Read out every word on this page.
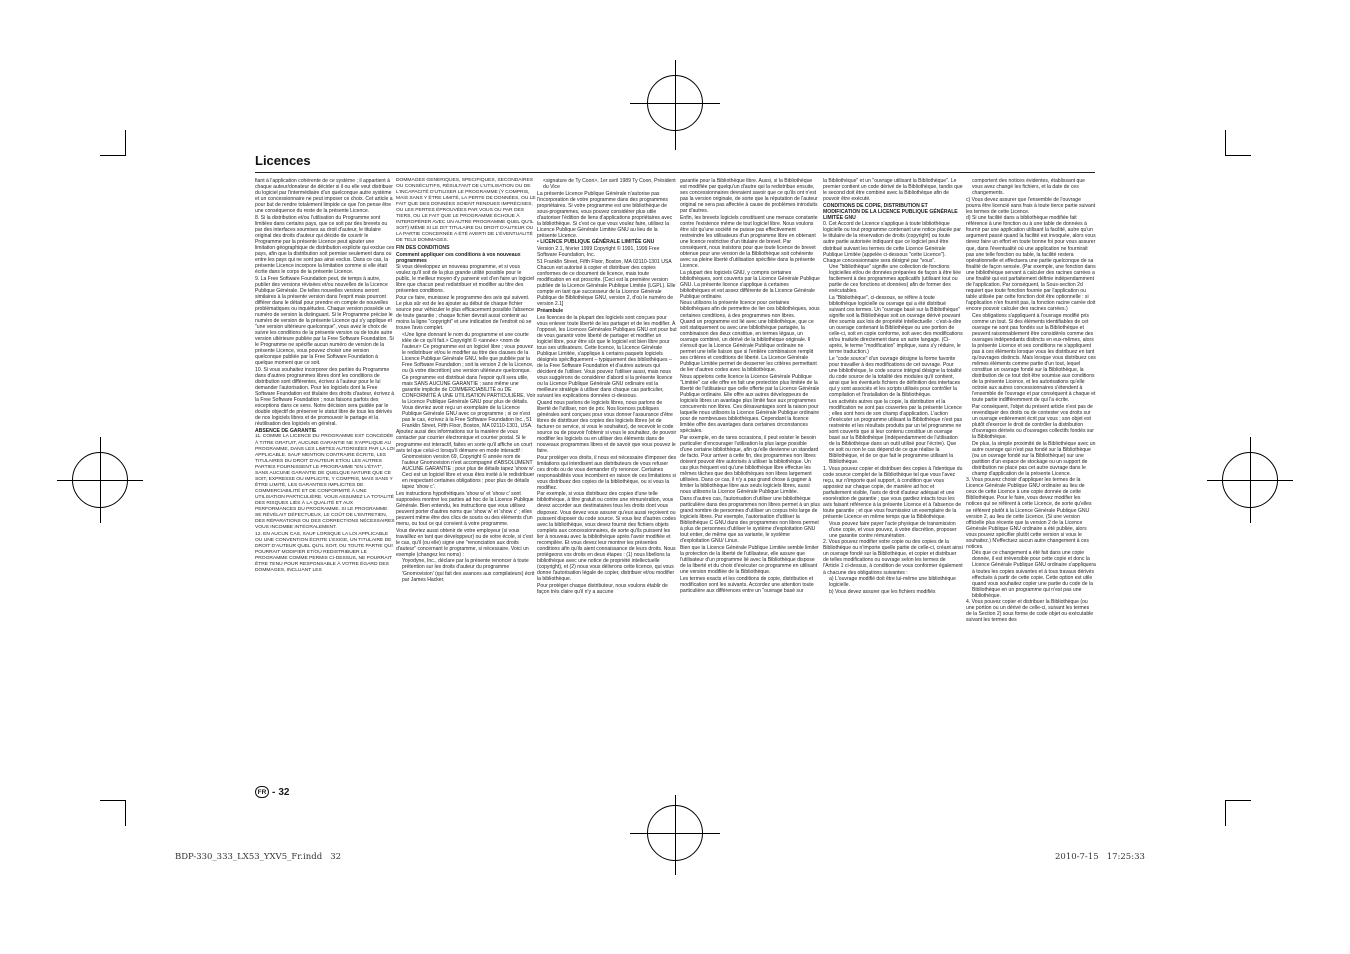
Licences

fiant à l'application cohérente de ce système ; il appartient à chaque auteur/donateur de décider si il ou elle veut distribuer du logiciel par l'intermédiaire d'un quelconque autre système et un concessionnaire ne peut imposer ce choix. Cet article a pour but de rendre totalement limpide ce que l'on pense être une conséquence du reste de la présente Licence.

8. Si la distribution et/ou l'utilisation du Programme sont limitées dans certains pays, que ce soit par des brevets ou par des interfaces soumises au droit d'auteur, le titulaire original des droits d'auteur qui décide de couvrir le Programme par la présente Licence peut ajouter une limitation géographique de distribution explicite qui exclue ces pays, afin que la distribution soit permise seulement dans ou entre les pays qui ne sont pas ainsi exclus. Dans ce cas, la présente Licence incorpore la limitation comme si elle était écrite dans le corps de la présente Licence.

9. La Free Software Foundation peut, de temps à autre, publier des versions révisées et/ou nouvelles de la Licence Publique Générale. De telles nouvelles versions seront similaires à la présente version dans l'esprit mais pourront différer dans le détail pour prendre en compte de nouvelles problématiques ou inquiétudes. Chaque version possède un numéro de version la distinguant. Si le Programme précise le numéro de version de la présente Licence qui s'y applique et "une version ultérieure quelconque", vous avez le choix de suivre les conditions de la présente version ou de toute autre version ultérieure publiée par la Free Software Foundation. Si le Programme ne spécifie aucun numéro de version de la présente Licence, vous pouvez choisir une version quelconque publiée par la Free Software Foundation à quelque moment que ce soit.

10. Si vous souhaitez incorporer des parties du Programme dans d'autres programmes libres dont les conditions de distribution sont différentes, écrivez à l'auteur pour le lui demander l'autorisation. Pour les logiciels dont la Free Software Foundation est titulaire des droits d'auteur, écrivez à la Free Software Foundation ; nous faisons parfois des exceptions dans ce sens. Notre décision sera guidée par le double objectif de préserver le statut libre de tous les dérivés de nos logiciels libres et de promouvoir le partage et la réutilisation des logiciels en général.

ABSENCE DE GARANTIE

11. COMME LA LICENCE DU PROGRAMME EST CONCÉDÉE À TITRE GRATUIT, AUCUNE GARANTIE NE S'APPLIQUE AU PROGRAMME, DANS LES LIMITES AUTORISÉES PAR LA LOI APPLICABLE. SAUF MENTION CONTRAIRE ÉCRITE, LES TITULAIRES DU DROIT D'AUTEUR ET/OU LES AUTRES PARTIES FOURNISSENT LE PROGRAMME "EN L'ÉTAT", SANS AUCUNE GARANTIE DE QUELQUE NATURE QUE CE SOIT, EXPRESSE OU IMPLICITE, Y COMPRIS, MAIS SANS Y ÊTRE LIMITÉ, LES GARANTIES IMPLICITES DE COMMERCIABILITÉ ET DE CONFORMITÉ À UNE UTILISATION PARTICULIÈRE. VOUS ASSUMEZ LA TOTALITÉ DES RISQUES LIÉS À LA QUALITÉ ET AUX PERFORMANCES DU PROGRAMME. SI LE PROGRAMME SE RÉVÉLAIT DÉFECTUEUX, LE COÛT DE L'ENTRETIEN, DES RÉPARATIONS OU DES CORRECTIONS NÉCESSAIRES VOUS INCOMBE INTÉGRALEMENT.

12. EN AUCUN CAS, SAUF LORSQUE LA LOI APPLICABLE OU UNE CONVENTION ÉCRITE L'EXIGE, UN TITULAIRE DE DROIT D'AUTEUR QUEL QU'IL SOIT, OU TOUTE PARTIE QUI POURRAIT MODIFIER ET/OU REDISTRIBUER LE PROGRAMME COMME PERMIS CI-DESSUS, NE POURRAIT ÊTRE TENU POUR RESPONSABLE À VOTRE ÉGARD DES DOMMAGES, INCLUANT LES

DOMMAGES GÉNÉRIQUES, SPÉCIFIQUES, SECONDAIRES OU CONSÉCUTIFS, RÉSULTANT DE L'UTILISATION OU DE L'INCAPACITÉ D'UTILISER LE PROGRAMME (Y COMPRIS, MAIS SANS Y ÊTRE LIMITÉ, LA PERTE DE DONNÉES, OU LE FAIT QUE DES DONNÉES SOIENT RENDUES IMPRÉCISES, OU LES PERTES ÉPROUVÉES PAR VOUS OU PAR DES TIERS, OU LE FAIT QUE LE PROGRAMME ÉCHOUE À INTEROPÉRER AVEC UN AUTRE PROGRAMME QUEL QU'IL SOIT) MÊME SI LE DIT TITULAIRE DU DROIT D'AUTEUR OU LA PARTIE CONCERNÉE A ÉTÉ AVERTI DE L'ÉVENTUALITÉ DE TELS DOMMAGES.

FIN DES CONDITIONS

Comment appliquer ces conditions à vos nouveaux programmes

Si vous développez un nouveau programme, et si vous voulez qu'il soit de la plus grande utilité possible pour le public, le meilleur moyen d'y parvenir est d'en faire un logiciel libre que chacun peut redistribuer et modifier au titre des présentes conditions.

Pour ce faire, munissez le programme des avis qui suivent. Le plus sûr est de les ajouter au début de chaque fichier source pour véhiculer le plus efficacement possible l'absence de toute garantie ; chaque fichier devrait aussi contenir au moins la ligne "copyright" et une indication de l'endroit où se trouve l'avis complet.

<Une ligne donnant le nom du programme et une courte idée de ce qu'il fait.> Copyright © <année> <nom de l'auteur> Ce programme est un logiciel libre ; vous pouvez le redistribuer et/ou le modifier au titre des clauses de la Licence Publique Générale GNU, telle que publiée par la Free Software Foundation ; soit la version 2 de la Licence, ou (à votre discrétion) une version ultérieure quelconque.

Ce programme est distribué dans l'espoir qu'il sera utile, mais SANS AUCUNE GARANTIE ; sans même une garantie implicite de COMMERCIABILITÉ ou DE CONFORMITÉ À UNE UTILISATION PARTICULIÈRE. Voir la Licence Publique Générale GNU pour plus de détails. Vous devriez avoir reçu un exemplaire de la Licence Publique Générale GNU avec ce programme ; si ce n'est pas le cas, écrivez à la Free Software Foundation Inc., 51 Franklin Street, Fifth Floor, Boston, MA 02110-1301, USA.

Ajoutez aussi des informations sur la manière de vous contacter par courrier électronique et courrier postal. Si le programme est interactif, faites en sorte qu'il affiche un court avis tel que celui-ci lorsqu'il démarre en mode interactif :

Gnomovision version 69, Copyright © année nom de l'auteur Gnomovision n'est accompagné d'ABSOLUMENT AUCUNE GARANTIE ; pour plus de détails tapez 'show w'. Ceci est un logiciel libre et vous êtes invité à le redistribuer en respectant certaines obligations ; pour plus de détails tapez 'show c'.

Les instructions hypothétiques 'show w' et 'show c' sont supposées montrer les parties ad hoc de la Licence Publique Générale. Bien entendu, les instructions que vous utilisez peuvent porter d'autres noms que 'show w' et 'show c' ; elles peuvent même être des clics de souris ou des éléments d'un menu, ou tout ce qui convient à votre programme.

Vous devriez aussi obtenir de votre employeur (si vous travaillez en tant que développeur) ou de votre école, si c'est le cas, qu'il (ou elle) signe une "renonciation aux droits d'auteur" concernant le programme, si nécessaire. Voici un exemple (changez les noms) :

Yoyodyne, Inc., déclare par la présente renoncer à toute prétention sur les droits d'auteur du programme 'Gnomovision' (qui fait des avances aux compilateurs) écrit par James Hacker.

<signature de Ty Coon>, 1er avril 1989 Ty Coon, Président du Vice

La présente Licence Publique Générale n'autorise pas l'incorporation de votre programme dans des programmes propriétaires. Si votre programme est une bibliothèque de sous-programmes, vous pouvez considérer plus utile d'autoriser l'édition de liens d'applications propriétaires avec la bibliothèque. Si c'est ce que vous voulez faire, utilisez la Licence Publique Générale Limitée GNU au lieu de la présente Licence.

• LICENCE PUBLIQUE GÉNÉRALE LIMITÉE GNU

Version 2.1, février 1999 Copyright © 1991, 1999 Free Software Foundation, Inc.

51 Franklin Street, Fifth Floor, Boston, MA 02110-1301 USA

Chacun est autorisé à copier et distribuer des copies conformes de ce document de licence, mais toute modification en est proscrite. [Ceci est la première version publiée de la Licence Générale Publique Limitée (LGPL). Elle compte en tant que successeur de la Licence Générale Publique de Bibliothèque GNU, version 2, d'où le numéro de version 2.1]

Préambule

Les licences de la plupart des logiciels sont conçues pour vous enlever toute liberté de les partager et de les modifier. À l'opposé, les Licences Générales Publiques GNU ont pour but de vous garantir votre liberté de partager et modifier un logiciel libre, pour être sûr que le logiciel est bien libre pour tous ses utilisateurs. Cette licence, la Licence Générale Publique Limitée, s'applique à certains paquets logiciels désignés spécifiquement – typiquement des bibliothèques – de la Free Software Foundation et d'autres auteurs qui décident de l'utiliser. Vous pouvez l'utiliser aussi, mais nous vous suggérons de considérer d'abord si la présente licence ou la Licence Publique Générale GNU ordinaire est la meilleure stratégie à utiliser dans chaque cas particulier, suivant les explications données ci-dessous.

Quand nous parlons de logiciels libres, nous parlons de liberté de l'utiliser, non de prix. Nos licences publiques générales sont conçues pour vous donner l'assurance d'être libres de distribuer des copies des logiciels libres (et de facturer ce service, si vous le souhaitez), de recevoir le code source ou de pouvoir l'obtenir si vous le souhaitez, de pouvoir modifier les logiciels ou en utiliser des éléments dans de nouveaux programmes libres et de savoir que vous pouvez le faire.

Pour protéger vos droits, il nous est nécessaire d'imposer des limitations qui interdisent aux distributeurs de vous refuser ces droits ou de vous demander d'y renoncer. Certaines responsabilités vous incombent en raison de ces limitations si vous distribuez des copies de la bibliothèque, ou si vous la modifiez.

Par exemple, si vous distribuez des copies d'une telle bibliothèque, à titre gratuit ou contre une rémunération, vous devez accorder aux destinataires tous les droits dont vous disposez. Vous devez vous assurer qu'eux aussi reçoivent ou puissent disposer du code source. Si vous liez d'autres codes avec la bibliothèque, vous devez fournir des fichiers objets complets aux concessionnaires, de sorte qu'ils puissent les lier à nouveau avec la bibliothèque après l'avoir modifiée et recompilée. Et vous devez leur montrer les présentes conditions afin qu'ils aient connaissance de leurs droits. Nous protégeons vos droits en deux étapes : (1) nous libellons la bibliothèque avec une notice de propriété intellectuelle (copyright), et (2) nous vous délivrons cette licence, qui vous donne l'autorisation légale de copier, distribuer et/ou modifier la bibliothèque.

Pour protéger chaque distributeur, nous voulons établir de façon très claire qu'il n'y a aucune

garantie pour la Bibliothèque libre. Aussi, si la Bibliothèque est modifiée par quelqu'un d'autre qui la redistribue ensuite, ses concessionnaires devraient savoir que ce qu'ils ont n'est pas la version originale, de sorte que la réputation de l'auteur original ne sera pas affectée à cause de problèmes introduits par d'autres.

Enfin, les brevets logiciels constituent une menace constante contre l'existence même de tout logiciel libre. Nous voulons être sûr qu'une société ne puisse pas effectivement restreindre les utilisateurs d'un programme libre en obtenant une licence restrictive d'un titulaire de brevet. Par conséquent, nous insistons pour que toute licence de brevet obtenue pour une version de la Bibliothèque soit cohérente avec sa pleine liberté d'utilisation spécifiée dans la présente Licence.

La plupart des logiciels GNU, y compris certaines bibliothèques, sont couverts par la Licence Générale Publique GNU. La présente licence s'applique à certaines bibliothèques et est assez différente de la Licence Générale Publique ordinaire.

Nous utilisons la présente licence pour certaines bibliothèques afin de permettre de lier ces bibliothèques, sous certaines conditions, à des programmes non libres.

Quand un programme est lié avec une bibliothèque, que ce soit statiquement ou avec une bibliothèque partagée, la combinaison des deux constitue, en termes légaux, un ouvrage combiné, un dérivé de la bibliothèque originale. Il s'ensuit que la Licence Générale Publique ordinaire ne permet une telle liaison que si l'entière combinaison remplit ses critères et conditions de liberté. La Licence Générale Publique Limitée permet de desserrer les critères permettant de lier d'autres codes avec la bibliothèque.

Nous appelons cette licence la Licence Générale Publique "Limitée" car elle offre en fait une protection plus limitée de la liberté de l'utilisateur que celle offerte par la Licence Générale Publique ordinaire. Elle offre aux autres développeurs de logiciels libres un avantage plus limité face aux programmes concurrents non libres. Ces désavantages sont la raison pour laquelle nous utilisons la Licence Générale Publique ordinaire pour de nombreuses bibliothèques. Cependant la licence limitée offre des avantages dans certaines circonstances spéciales.

Par exemple, en de rares occasions, il peut exister le besoin particulier d'encourager l'utilisation la plus large possible d'une certaine bibliothèque, afin qu'elle devienne un standard de facto. Pour arriver à cette fin, des programmes non libres doivent pouvoir être autorisés à utiliser la bibliothèque. Un cas plus fréquent est qu'une bibliothèque libre effectue les mêmes tâches que des bibliothèques non libres largement utilisées. Dans ce cas, il n'y a pas grand chose à gagner à limiter la bibliothèque libre aux seuls logiciels libres, aussi nous utilisons la Licence Générale Publique Limitée.

Dans d'autres cas, l'autorisation d'utiliser une bibliothèque particulière dans des programmes non libres permet à un plus grand nombre de personnes d'utiliser un corpus très large de logiciels libres. Par exemple, l'autorisation d'utiliser la Bibliothèque C GNU dans des programmes non libres permet à plus de personnes d'utiliser le système d'exploitation GNU tout entier, de même que sa variante, le système d'exploitation GNU/ Linux.

Bien que la Licence Générale Publique Limitée semble limiter la protection de la liberté de l'utilisateur, elle assure que l'utilisateur d'un programme lié avec la Bibliothèque dispose de la liberté et du choix d'exécuter ce programme en utilisant une version modifiée de la Bibliothèque.

Les termes exacts et les conditions de copie, distribution et modification sont les suivants. Accordez une attention toute particulière aux différences entre un "ouvrage basé sur

la Bibliothèque" et un "ouvrage utilisant la Bibliothèque". Le premier contient un code dérivé de la Bibliothèque, tandis que le second doit être combiné avec la Bibliothèque afin de pouvoir être exécuté.

CONDITIONS DE COPIE, DISTRIBUTION ET MODIFICATION DE LA LICENCE PUBLIQUE GÉNÉRALE LIMITÉE GNU

0. Cet Accord de Licence s'applique à toute bibliothèque logicielle ou tout programme contenant une notice placée par le titulaire de la réservation de droits (copyright) ou toute autre partie autorisée indiquant que ce logiciel peut être distribué suivant les termes de cette Licence Générale Publique Limitée (appelée ci-dessous "cette Licence"). Chaque concessionnaire sera désigné par "vous".

Une "bibliothèque" signifie une collection de fonctions logicielles et/ou de données préparées de façon à être liée facilement à des programmes applicatifs (utilisant tout ou partie de ces fonctions et données) afin de former des exécutables.

La "Bibliothèque", ci-dessous, se réfère à toute bibliothèque logicielle ou ouvrage qui a été distribué suivant ces termes. Un "ouvrage basé sur la Bibliothèque" signifie soit la Bibliothèque soit un ouvrage dérivé pouvant être soumis aux lois de propriété intellectuelle : c'est-à-dire un ouvrage contenant la Bibliothèque ou une portion de celle-ci, soit en copie conforme, soit avec des modifications et/ou traduite directement dans un autre langage. (Ci-après, le terme "modification" implique, sans s'y réduire, le terme traduction.)

Le "code source" d'un ouvrage désigne la forme favorite pour travailler à des modifications de cet ouvrage. Pour une bibliothèque, le code source intégral désigne la totalité du code source de la totalité des modules qu'il contient, ainsi que les éventuels fichiers de définition des interfaces qui y sont associés et les scripts utilisés pour contrôler la compilation et l'installation de la Bibliothèque.

Les activités autres que la copie, la distribution et la modification ne sont pas couvertes par la présente Licence ; elles sont hors de son champ d'application. L'action d'exécuter un programme utilisant la Bibliothèque n'est pas restreinte et les résultats produits par un tel programme ne sont couverts que si leur contenu constitue un ouvrage basé sur la Bibliothèque (indépendamment de l'utilisation de la Bibliothèque dans un outil utilisé pour l'écrire). Que ce soit ou non le cas dépend de ce que réalise la Bibliothèque, et de ce que fait le programme utilisant la Bibliothèque.

1. Vous pouvez copier et distribuer des copies à l'identique du code source complet de la Bibliothèque tel que vous l'avez reçu, sur n'importe quel support, à condition que vous apposiez sur chaque copie, de manière ad hoc et parfaitement visible, l'avis de droit d'auteur adéquat et une exonération de garantie ; que vous gardiez intacts tous les avis faisant référence à la présente Licence et à l'absence de toute garantie ; et que vous fournissiez un exemplaire de la présente Licence en même temps que la Bibliothèque.

Vous pouvez faire payer l'acte physique de transmission d'une copie, et vous pouvez, à votre discrétion, proposer une garantie contre rémunération.

2. Vous pouvez modifier votre copie ou des copies de la Bibliothèque ou n'importe quelle partie de celle-ci, créant ainsi un ouvrage fondé sur la Bibliothèque, et copier et distribuer de telles modifications ou ouvrage selon les termes de l'Article 1 ci-dessus, à condition de vous conformer également à chacune des obligations suivantes :

a) L'ouvrage modifié doit être lui-même une bibliothèque logicielle.

b) Vous devez assurer que les fichiers modifiés

comportent des notices évidentes, établissant que vous avez changé les fichiers, et la date de ces changements.

c) Vous devez assurer que l'ensemble de l'ouvrage pourra être licencié sans frais à toute tierce partie suivant les termes de cette Licence.

d) Si une facilité dans a bibliothèque modifiée fait référence à une fonction ou à une table de données à fournir par une application utilisant la facilité, autre qu'un argument passé quand la facilité est invoquée, alors vous devez faire un effort en toute bonne foi pour vous assurer que, dans l'éventualité où une application ne fournirait pas une telle fonction ou table, la facilité restera opérationnelle et effectuera une partie quelconque de sa finalité de façon sensée. (Par exemple, une fonction dans une bibliothèque servant à calculer des racines carrées a une finalité qui est parfaitement définie indépendamment de l'application. Par conséquent, la Sous-section 2d requiert que toute fonction fournie par l'application ou table utilisée par cette fonction doit être optionnelle : si l'application n'en fournit pas, la fonction racine carrée doit encore pouvoir calculer des racines carrées.)

Ces obligations s'appliquent à l'ouvrage modifié pris comme un tout. Si des éléments identifiables de cet ouvrage ne sont pas fondés sur la Bibliothèque et peuvent raisonnablement être considérés comme des ouvrages indépendants distincts en eux-mêmes, alors la présente Licence et ses conditions ne s'appliquent pas à ces éléments lorsque vous les distribuez en tant qu'ouvrages distincts. Mais lorsque vous distribuez ces mêmes éléments comme partie d'un tout, lequel constitue un ouvrage fondé sur la Bibliothèque, la distribution de ce tout doit être soumise aux conditions de la présente Licence, et les autorisations qu'elle octroie aux autres concessionnaires s'étendent à l'ensemble de l'ouvrage et par conséquent à chaque et toute partie indifféremment de qui l'a écrite.

Par conséquent, l'objet du présent article n'est pas de revendiquer des droits ou de contester vos droits sur un ouvrage entièrement écrit par vous ; son objet est plutôt d'exercer le droit de contrôler la distribution d'ouvrages dérivés ou d'ouvrages collectifs fondés sur la Bibliothèque.

De plus, la simple proximité de la Bibliothèque avec un autre ouvrage qui n'est pas fondé sur la Bibliothèque (ou un ouvrage fondé sur la Bibliothèque) sur une partition d'un espace de stockage ou un support de distribution ne place pas cet autre ouvrage dans le champ d'application de la présente Licence.

3. Vous pouvez choisir d'appliquer les termes de la Licence Générale Publique GNU ordinaire au lieu de ceux de cette Licence à une copie donnée de cette Bibliothèque. Pour le faire, vous devez modifier les notices qui se réfèrent à cette Licence, de sorte qu'elles se réfèrent plutôt à la Licence Générale Publique GNU version 2, au lieu de cette Licence. (Si une version officielle plus récente que la version 2 de la Licence Générale Publique GNU ordinaire a été publiée, alors vous pouvez spécifier plutôt cette version si vous le souhaitez.) N'effectuez aucun autre changement à ces notices.

Dès que ce changement a été fait dans une copie donnée, il est irréversible pour cette copie et donc la Licence Générale Publique GNU ordinaire s'appliquera à toutes les copies suivantes et à tous travaux dérivés effectués à partir de cette copie. Cette option est utile quand vous souhaitez copier une partie du code de la Bibliothèque en un programme qui n'est pas une bibliothèque.

4. Vous pouvez copier et distribuer la Bibliothèque (ou une portion ou un dérivé de celle-ci, suivant les termes de la Section 2) sous forme de code objet ou exécutable suivant les termes des

FR - 32
BDP-330_333_LX53_YXV5_Fr.indd   32	2010-7-15   17:25:33
